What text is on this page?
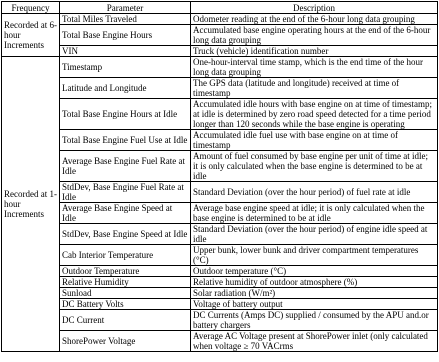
Frequency	Parameter	Description
Recorded at 6-hour Increments	Total Miles Traveled	Odometer reading at the end of the 6-hour long data grouping
	Total Base Engine Hours	Accumulated base engine operating hours at the end of the 6-hour long data grouping
	VIN	Truck (vehicle) identification number
Recorded at 1-hour Increments	Timestamp	One-hour-interval time stamp, which is the end time of the hour long data grouping
	Latitude and Longitude	The GPS data (latitude and longitude) received at time of timestamp
	Total Base Engine Hours at Idle	Accumulated idle hours with base engine on at time of timestamp; at idle is determined by zero road speed detected for a time period longer than 120 seconds while the base engine is operating
	Total Base Engine Fuel Use at Idle	Accumulated idle fuel use with base engine on at time of timestamp
	Average Base Engine Fuel Rate at Idle	Amount of fuel consumed by base engine per unit of time at idle; it is only calculated when the base engine is determined to be at idle
	StdDev, Base Engine Fuel Rate at Idle	Standard Deviation (over the hour period) of fuel rate at idle
	Average Base Engine Speed at Idle	Average base engine speed at idle; it is only calculated when the base engine is determined to be at idle
	StdDev, Base Engine Speed at Idle	Standard Deviation (over the hour period) of engine idle speed at idle
	Cab Interior Temperature	Upper bunk, lower bunk and driver compartment temperatures (°C)
	Outdoor Temperature	Outdoor temperature (°C)
	Relative Humidity	Relative humidity of outdoor atmosphere (%)
	Sunload	Solar radiation (W/m²)
	DC Battery Volts	Voltage of battery output
	DC Current	DC Currents (Amps DC) supplied / consumed by the APU and.or battery chargers
	ShorePower Voltage	Average AC Voltage present at ShorePower inlet (only calculated when voltage ≥ 70 VACrms
